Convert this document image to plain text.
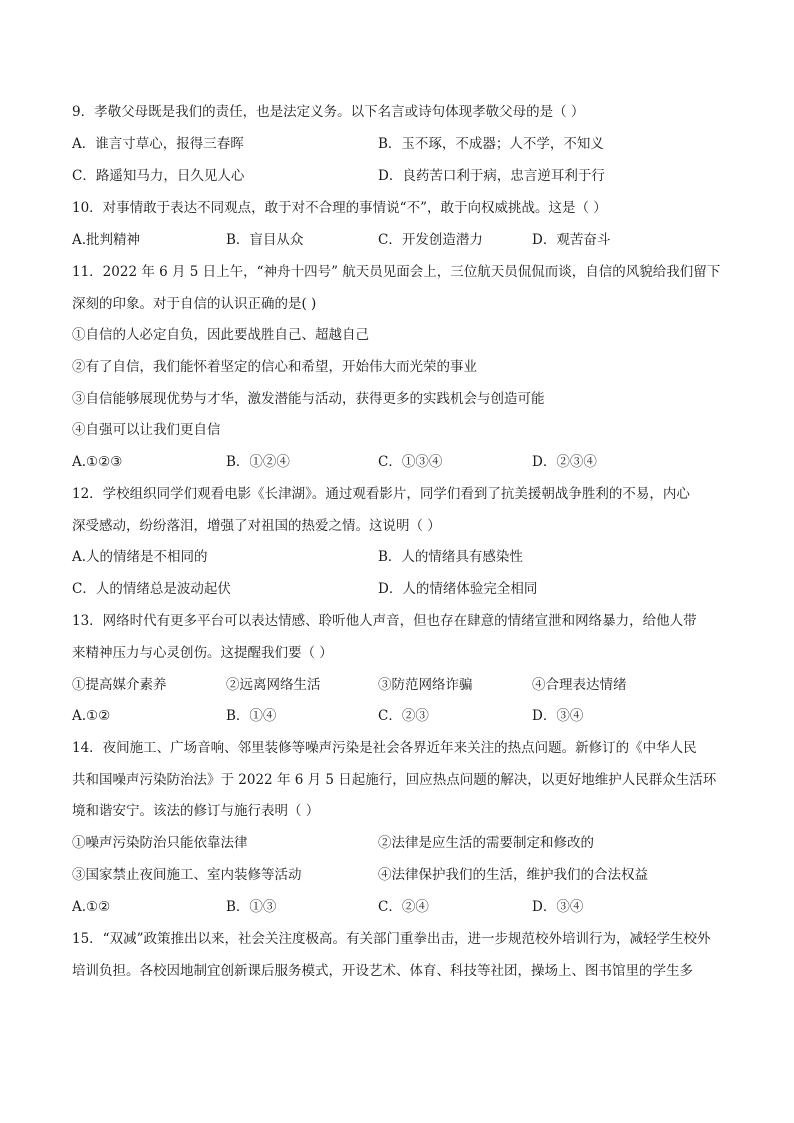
9．孝敬父母既是我们的责任，也是法定义务。以下名言或诗句体现孝敬父母的是（ ）
A．谁言寸草心，报得三春晖	B．玉不琢，不成器；人不学，不知义
C．路遥知马力，日久见人心	D．良药苦口利于病，忠言逆耳利于行
10．对事情敢于表达不同观点，敢于对不合理的事情说“不”，敢于向权威挑战。这是（ ）
A.批判精神	B．盲目从众	C．开发创造潜力	D．观苦奋斗
11．2022 年 6 月 5 日上午，“神舟十四号” 航天员见面会上，三位航天员侃侃而谈，自信的风貌给我们留下
深刻的印象。对于自信的认识正确的是( )
①自信的人必定自负，因此要战胜自己、超越自己
②有了自信，我们能怀着坚定的信心和希望，开始伟大而光荣的事业
③自信能够展现优势与才华，激发潜能与活动，获得更多的实践机会与创造可能
④自强可以让我们更自信
A.①②③	B．①②④	C．①③④	D．②③④
12．学校组织同学们观看电影《长津湖》。通过观看影片，同学们看到了抗美援朝战争胜利的不易，内心
深受感动，纷纷落泪，增强了对祖国的热爱之情。这说明（ ）
A.人的情绪是不相同的	B．人的情绪具有感染性
C．人的情绪总是波动起伏	D．人的情绪体验完全相同
13．网络时代有更多平台可以表达情感、聆听他人声音，但也存在肆意的情绪宣泄和网络暴力，给他人带
来精神压力与心灵创伤。这提醒我们要（ ）
①提高媒介素养	②远离网络生活	③防范网络诈骗	④合理表达情绪
A.①②	B．①④	C．②③	D．③④
14．夜间施工、广场音响、邻里装修等噪声污染是社会各界近年来关注的热点问题。新修订的《中华人民
共和国噪声污染防治法》于 2022 年 6 月 5 日起施行，回应热点问题的解决，以更好地维护人民群众生活环
境和谐安宁。该法的修订与施行表明（ ）
①噪声污染防治只能依靠法律	②法律是应生活的需要制定和修改的
③国家禁止夜间施工、室内装修等活动	④法律保护我们的生活，维护我们的合法权益
A.①②	B．①③	C．②④	D．③④
15．“双减”政策推出以来，社会关注度极高。有关部门重拳出击，进一步规范校外培训行为，减轻学生校外
培训负担。各校因地制宜创新课后服务模式，开设艺术、体育、科技等社团，操场上、图书馆里的学生多
